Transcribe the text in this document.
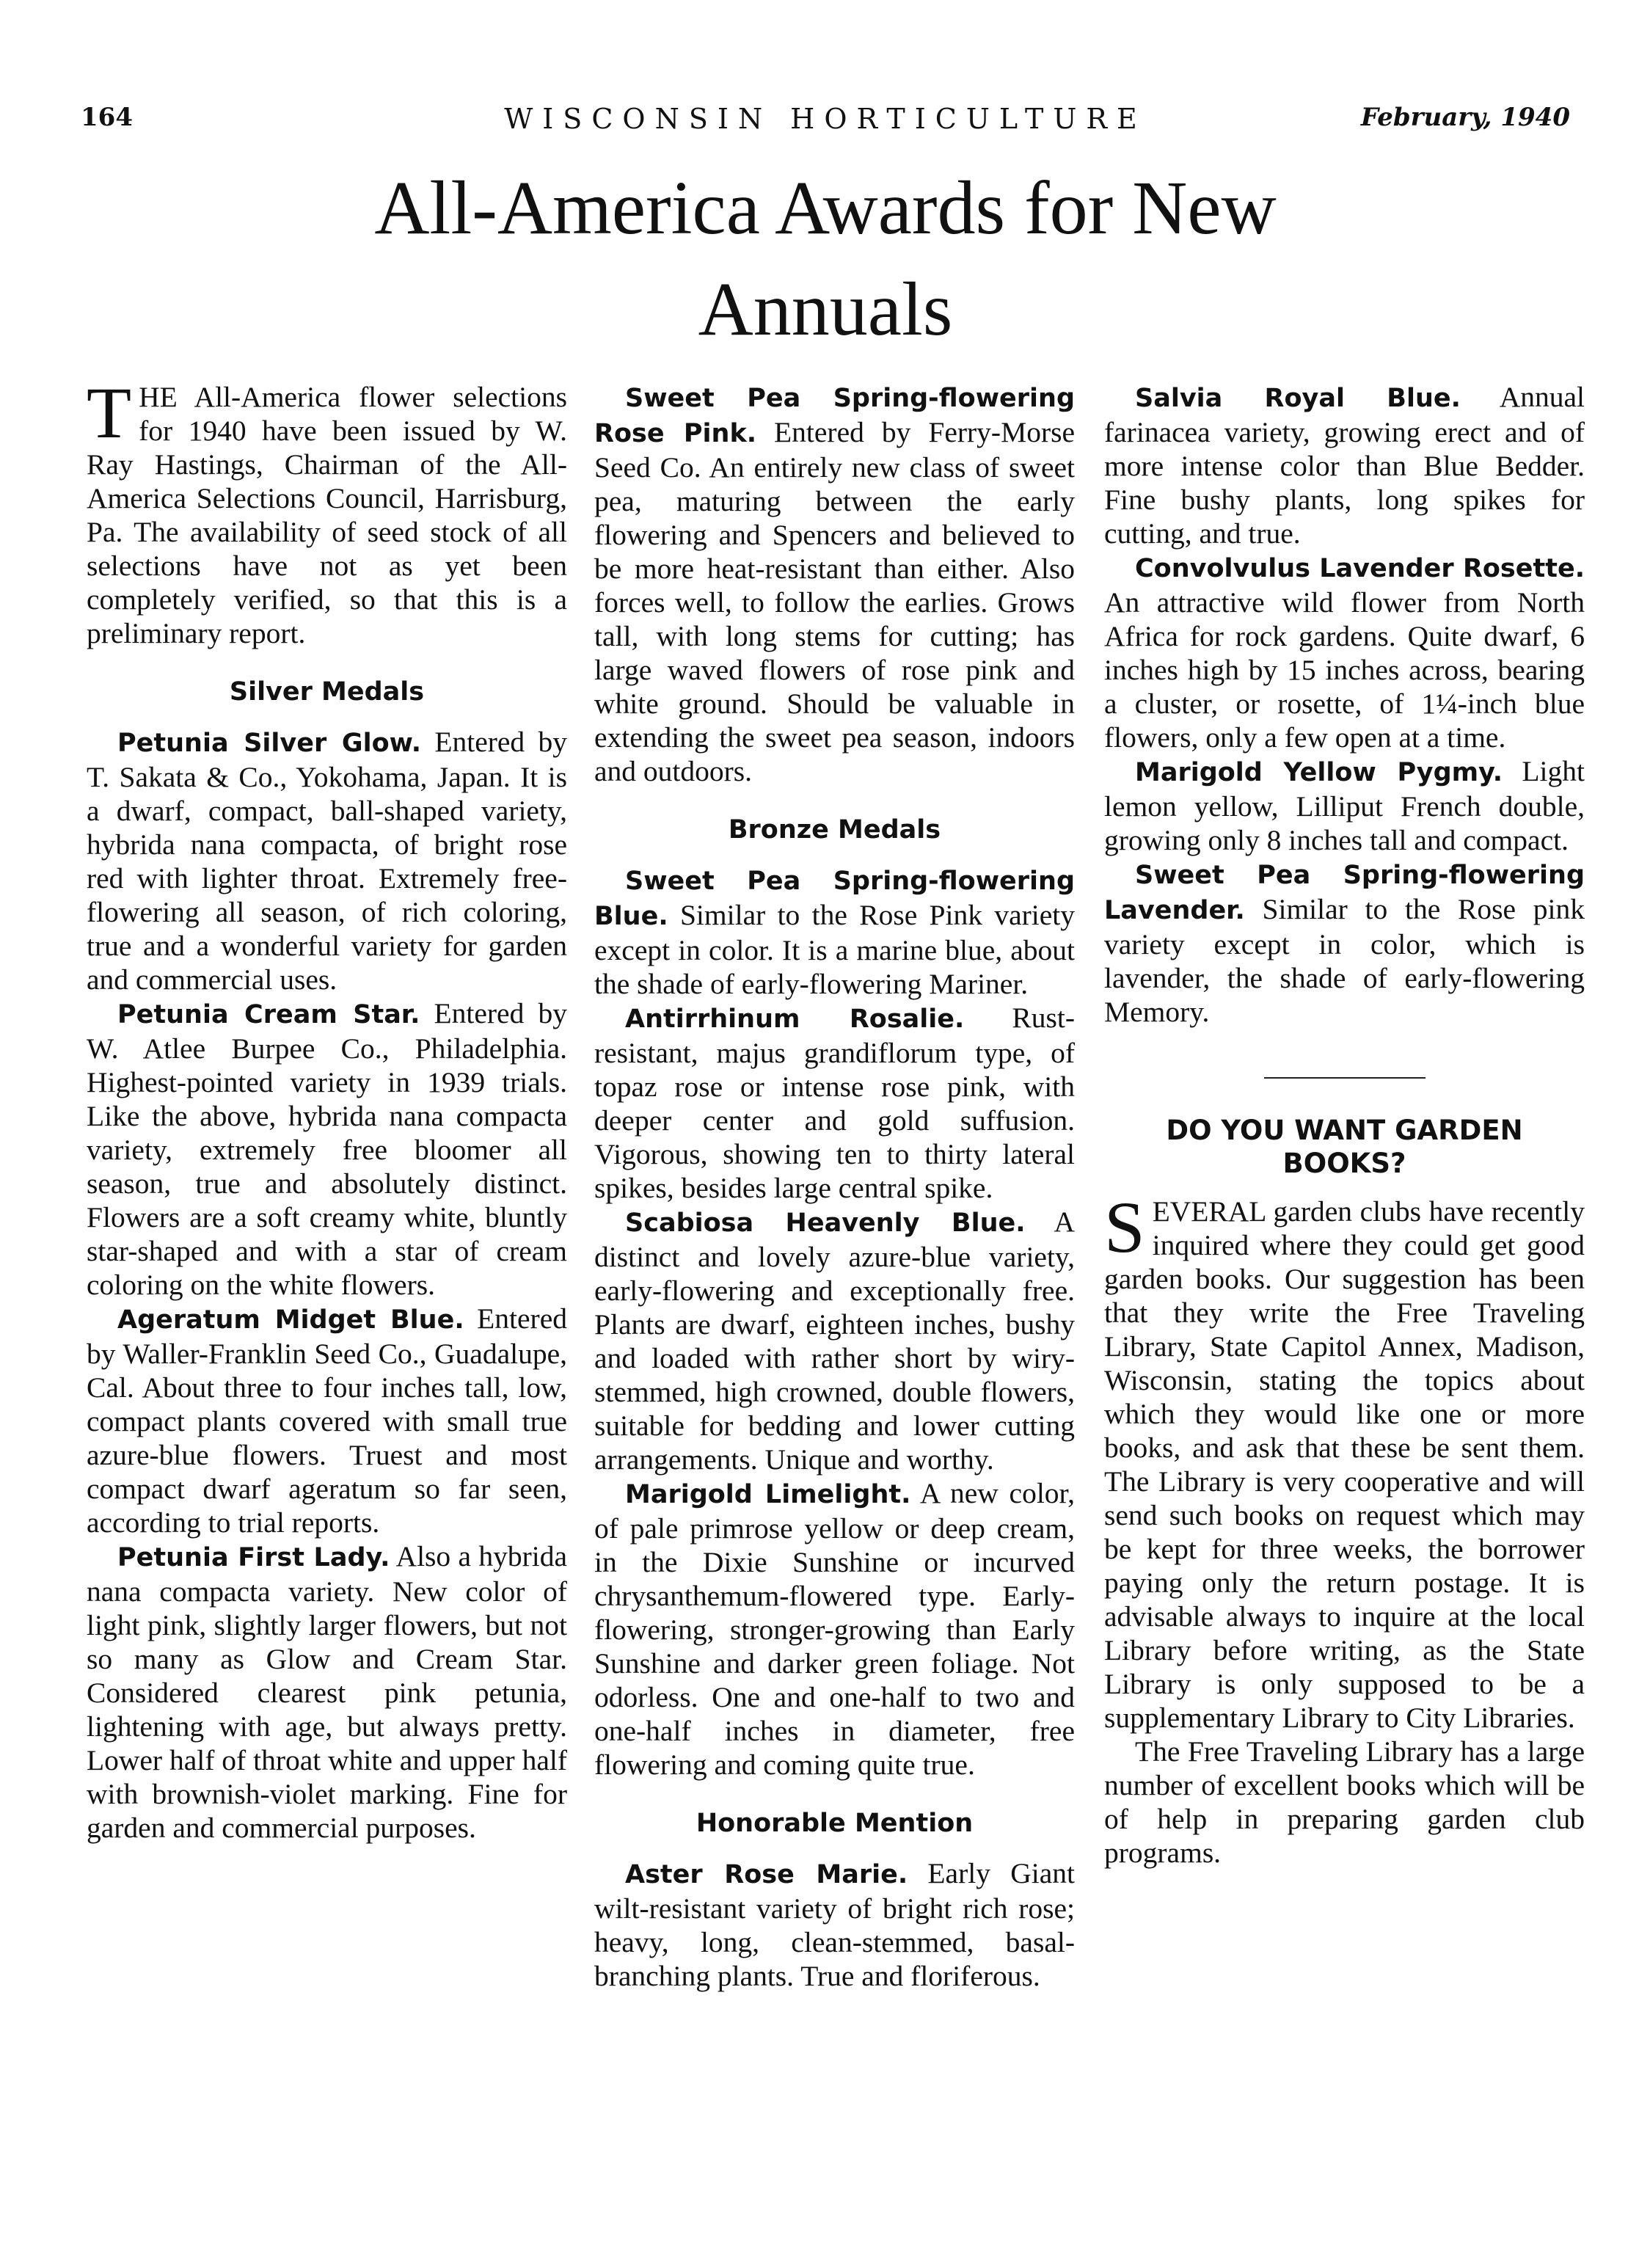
164	WISCONSIN HORTICULTURE	February, 1940
All-America Awards for New
Annuals

THE All-America flower selections for 1940 have been issued by W. Ray Hastings, Chairman of the All-America Selections Council, Harrisburg, Pa. The availability of seed stock of all selections have not as yet been completely verified, so that this is a preliminary report.

Silver Medals

Petunia Silver Glow. Entered by T. Sakata & Co., Yokohama, Japan. It is a dwarf, compact, ball-shaped variety, hybrida nana compacta, of bright rose red with lighter throat. Extremely free-flowering all season, of rich coloring, true and a wonderful variety for garden and commercial uses.

Petunia Cream Star. Entered by W. Atlee Burpee Co., Philadelphia. Highest-pointed variety in 1939 trials. Like the above, hybrida nana compacta variety, extremely free bloomer all season, true and absolutely distinct. Flowers are a soft creamy white, bluntly star-shaped and with a star of cream coloring on the white flowers.

Ageratum Midget Blue. Entered by Waller-Franklin Seed Co., Guadalupe, Cal. About three to four inches tall, low, compact plants covered with small true azure-blue flowers. Truest and most compact dwarf ageratum so far seen, according to trial reports.

Petunia First Lady. Also a hybrida nana compacta variety. New color of light pink, slightly larger flowers, but not so many as Glow and Cream Star. Considered clearest pink petunia, lightening with age, but always pretty. Lower half of throat white and upper half with brownish-violet marking. Fine for garden and commercial purposes.

Sweet Pea Spring-flowering Rose Pink. Entered by Ferry-Morse Seed Co. An entirely new class of sweet pea, maturing between the early flowering and Spencers and believed to be more heat-resistant than either. Also forces well, to follow the earlies. Grows tall, with long stems for cutting; has large waved flowers of rose pink and white ground. Should be valuable in extending the sweet pea season, indoors and outdoors.

Bronze Medals

Sweet Pea Spring-flowering Blue. Similar to the Rose Pink variety except in color. It is a marine blue, about the shade of early-flowering Mariner.

Antirrhinum Rosalie. Rust-resistant, majus grandiflorum type, of topaz rose or intense rose pink, with deeper center and gold suffusion. Vigorous, showing ten to thirty lateral spikes, besides large central spike.

Scabiosa Heavenly Blue. A distinct and lovely azure-blue variety, early-flowering and exceptionally free. Plants are dwarf, eighteen inches, bushy and loaded with rather short by wiry-stemmed, high crowned, double flowers, suitable for bedding and lower cutting arrangements. Unique and worthy.

Marigold Limelight. A new color, of pale primrose yellow or deep cream, in the Dixie Sunshine or incurved chrysanthemum-flowered type. Early-flowering, stronger-growing than Early Sunshine and darker green foliage. Not odorless. One and one-half to two and one-half inches in diameter, free flowering and coming quite true.

Honorable Mention

Aster Rose Marie. Early Giant wilt-resistant variety of bright rich rose; heavy, long, clean-stemmed, basal-branching plants. True and floriferous.

Salvia Royal Blue. Annual farinacea variety, growing erect and of more intense color than Blue Bedder. Fine bushy plants, long spikes for cutting, and true.

Convolvulus Lavender Rosette. An attractive wild flower from North Africa for rock gardens. Quite dwarf, 6 inches high by 15 inches across, bearing a cluster, or rosette, of 1¼-inch blue flowers, only a few open at a time.

Marigold Yellow Pygmy. Light lemon yellow, Lilliput French double, growing only 8 inches tall and compact.

Sweet Pea Spring-flowering Lavender. Similar to the Rose pink variety except in color, which is lavender, the shade of early-flowering Memory.

DO YOU WANT GARDEN BOOKS?

SEVERAL garden clubs have recently inquired where they could get good garden books. Our suggestion has been that they write the Free Traveling Library, State Capitol Annex, Madison, Wisconsin, stating the topics about which they would like one or more books, and ask that these be sent them. The Library is very cooperative and will send such books on request which may be kept for three weeks, the borrower paying only the return postage. It is advisable always to inquire at the local Library before writing, as the State Library is only supposed to be a supplementary Library to City Libraries.

The Free Traveling Library has a large number of excellent books which will be of help in preparing garden club programs.
